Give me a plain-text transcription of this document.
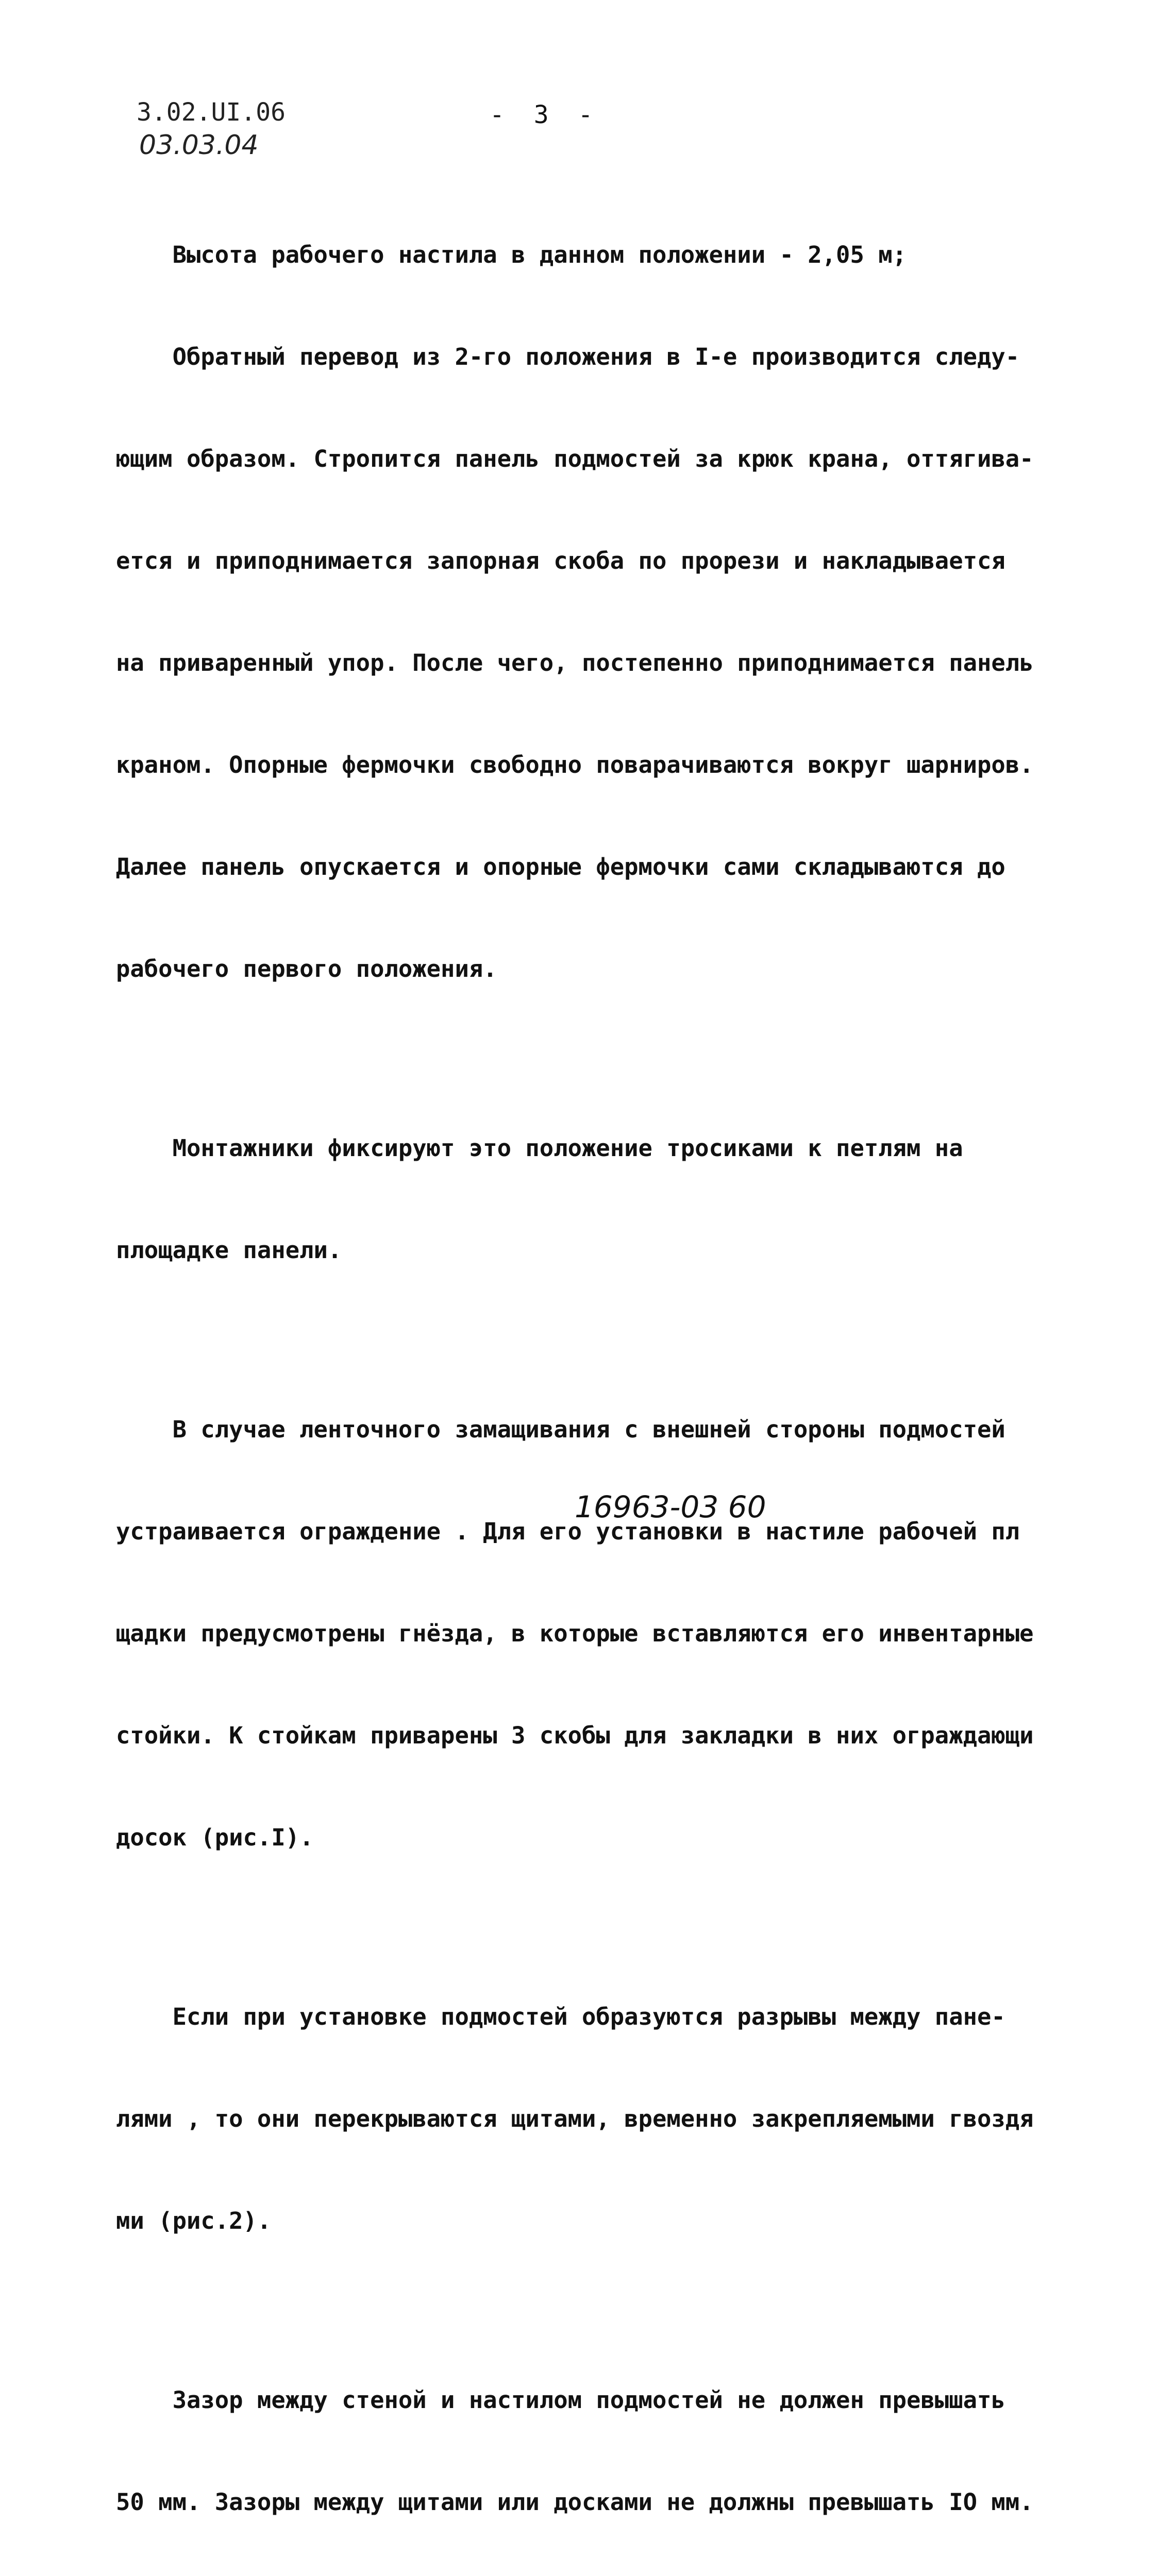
3.02.UI.06
03.03.04
- 3 -

Высота рабочего настила в данном положении - 2,05 м;

Обратный перевод из 2-го положения в I-е производится следу-

ющим образом. Стропится панель подмостей за крюк крана, оттягива-

ется и приподнимается запорная скоба по прорези и накладывается

на приваренный упор. После чего, постепенно приподнимается панель

краном. Опорные фермочки свободно поварачиваются вокруг шарниров.

Далее панель опускается и опорные фермочки сами складываются до

рабочего первого положения.

Монтажники фиксируют это положение тросиками к петлям на

площадке панели.

В случае ленточного замащивания с внешней стороны подмостей

устраивается ограждение . Для его установки в настиле рабочей пл

щадки предусмотрены гнёзда, в которые вставляются его инвентарные

стойки. К стойкам приварены 3 скобы для закладки в них ограждающи

досок (рис.I).

Если при установке подмостей образуются разрывы между пане-

лями , то они перекрываются щитами, временно закрепляемыми гвоздя

ми (рис.2).

Зазор между стеной и настилом подмостей не должен превышать

50 мм. Зазоры между щитами или досками не должны превышать IO мм.

16963-03 60
